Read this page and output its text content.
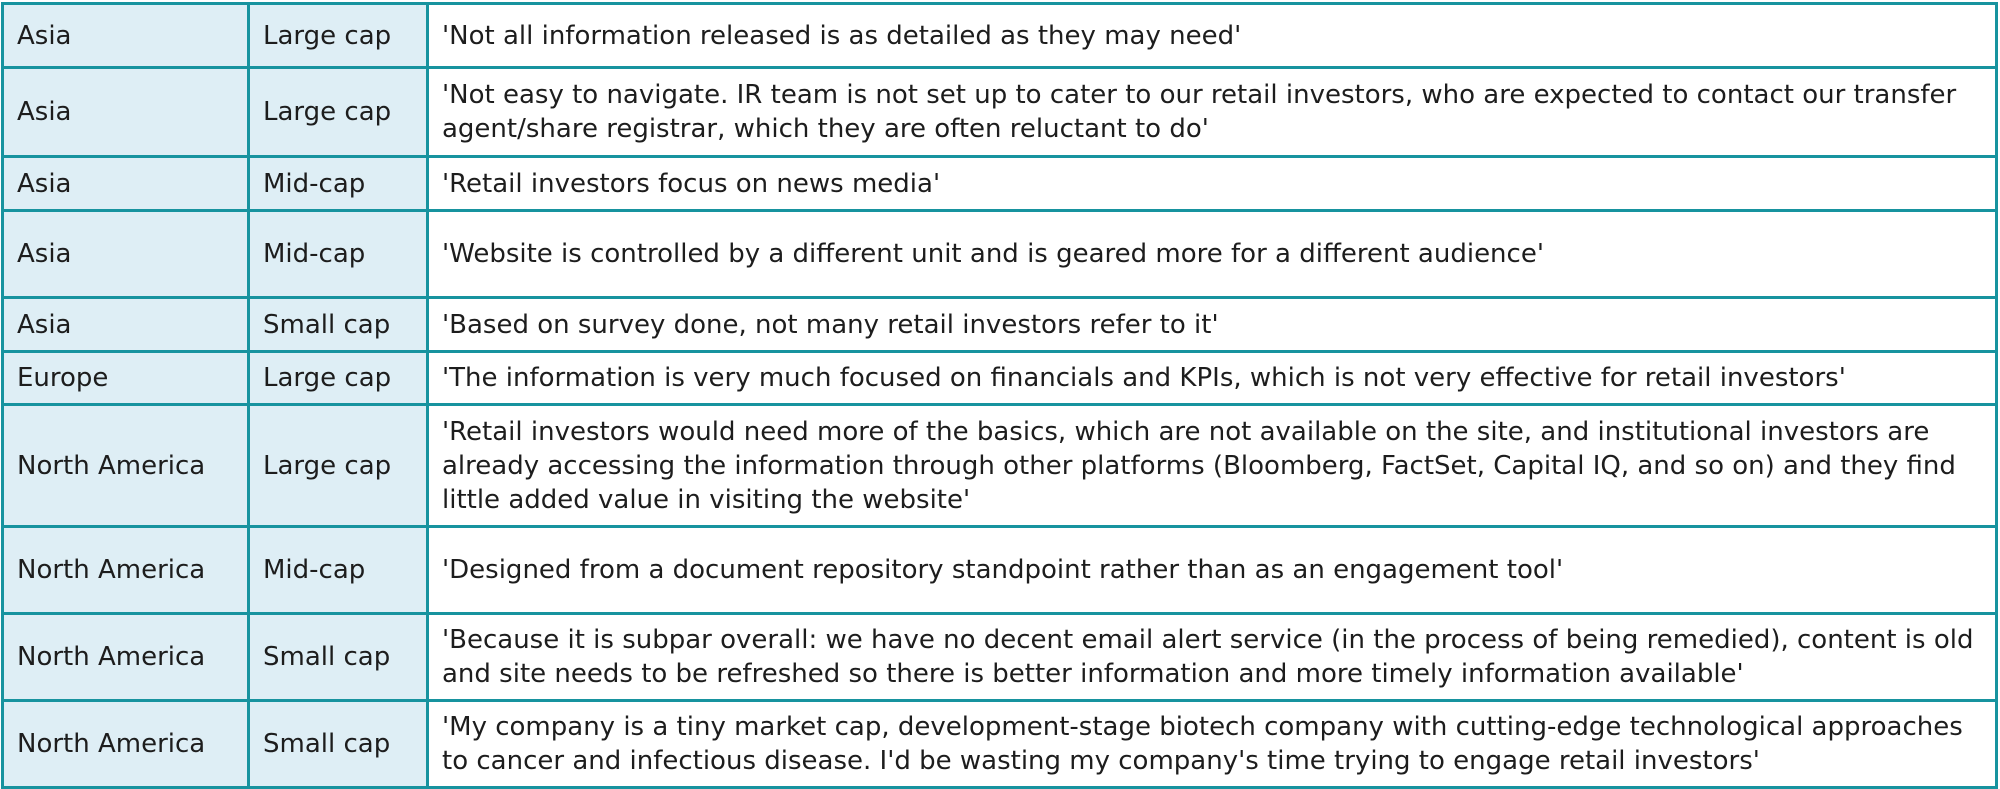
Asia	Large cap	'Not all information released is as detailed as they may need'
Asia	Large cap	'Not easy to navigate. IR team is not set up to cater to our retail investors, who are expected to contact our transfer agent/share registrar, which they are often reluctant to do'
Asia	Mid-cap	'Retail investors focus on news media'
Asia	Mid-cap	'Website is controlled by a different unit and is geared more for a different audience'
Asia	Small cap	'Based on survey done, not many retail investors refer to it'
Europe	Large cap	'The information is very much focused on financials and KPIs, which is not very effective for retail investors'
North America	Large cap	'Retail investors would need more of the basics, which are not available on the site, and institutional investors are already accessing the information through other platforms (Bloomberg, FactSet, Capital IQ, and so on) and they find little added value in visiting the website'
North America	Mid-cap	'Designed from a document repository standpoint rather than as an engagement tool'
North America	Small cap	'Because it is subpar overall: we have no decent email alert service (in the process of being remedied), content is old and site needs to be refreshed so there is better information and more timely information available'
North America	Small cap	'My company is a tiny market cap, development-stage biotech company with cutting-edge technological approaches to cancer and infectious disease. I'd be wasting my company's time trying to engage retail investors'
